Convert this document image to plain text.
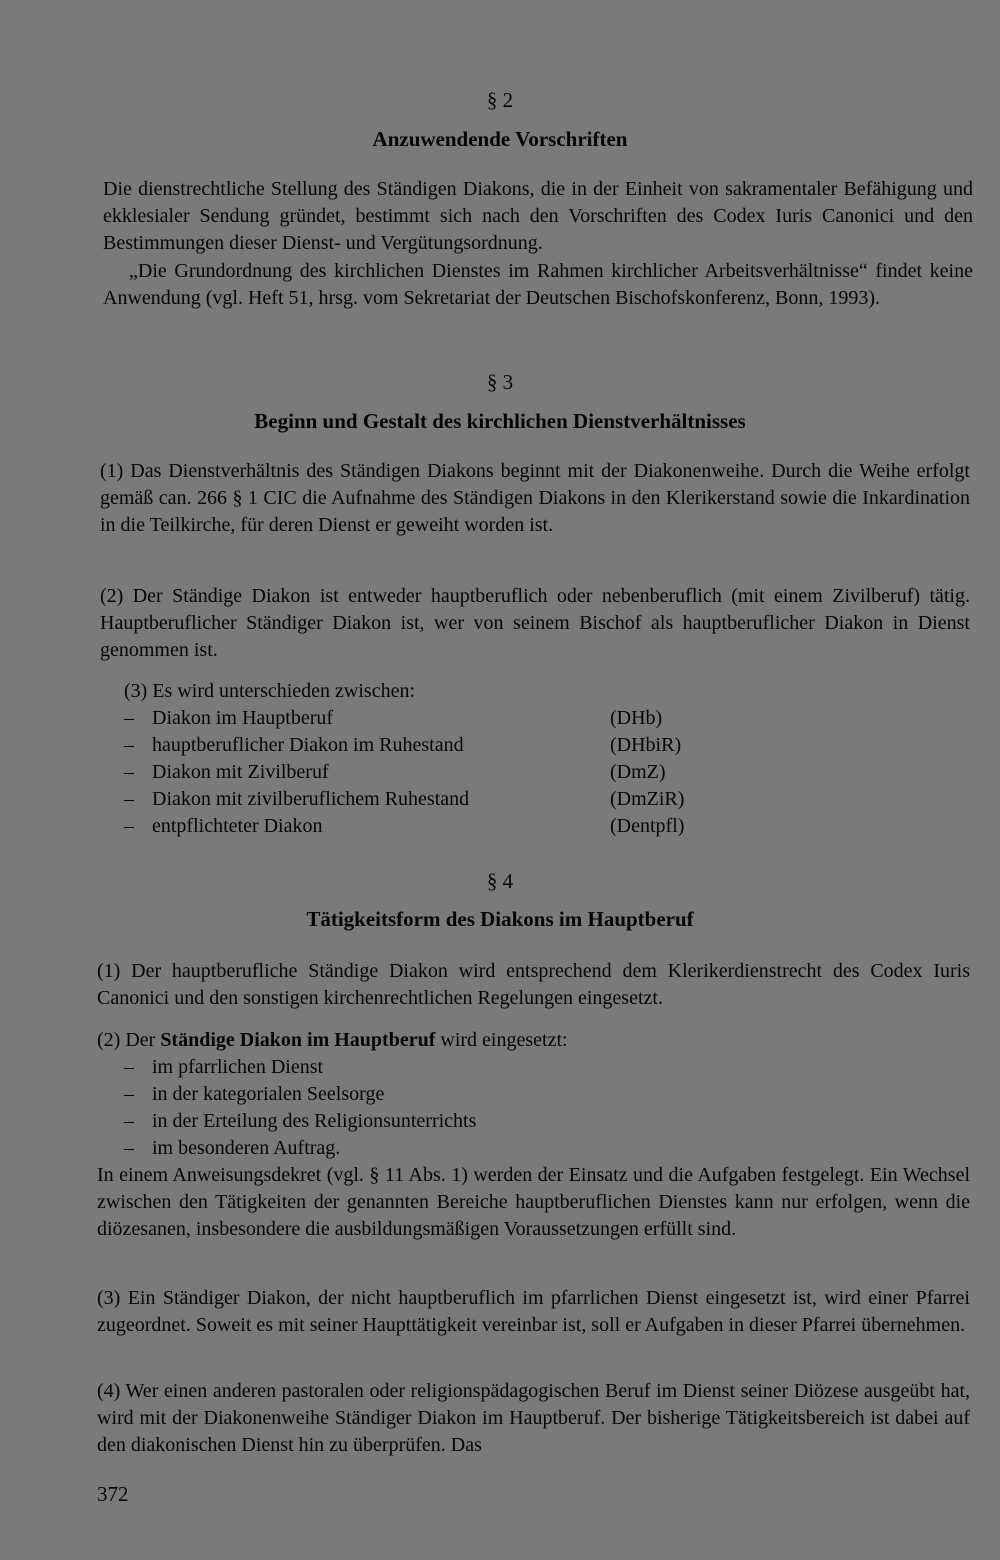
§ 2
Anzuwendende Vorschriften

Die dienstrechtliche Stellung des Ständigen Diakons, die in der Einheit von sakramentaler Befähigung und ekklesialer Sendung gründet, bestimmt sich nach den Vorschriften des Codex Iuris Canonici und den Bestimmungen dieser Dienst- und Vergütungsordnung.

„Die Grundordnung des kirchlichen Dienstes im Rahmen kirchlicher Arbeitsverhältnisse“ findet keine Anwendung (vgl. Heft 51, hrsg. vom Sekretariat der Deutschen Bischofskonferenz, Bonn, 1993).

§ 3
Beginn und Gestalt des kirchlichen Dienstverhältnisses
(1) Das Dienstverhältnis des Ständigen Diakons beginnt mit der Diakonenweihe. Durch die Weihe erfolgt gemäß can. 266 § 1 CIC die Aufnahme des Ständigen Diakons in den Klerikerstand sowie die Inkardination in die Teilkirche, für deren Dienst er geweiht worden ist.
(2) Der Ständige Diakon ist entweder hauptberuflich oder nebenberuflich (mit einem Zivilberuf) tätig. Hauptberuflicher Ständiger Diakon ist, wer von seinem Bischof als hauptberuflicher Diakon in Dienst genommen ist.
(3) Es wird unterschieden zwischen:
– Diakon im Hauptberuf	(DHb)
– hauptberuflicher Diakon im Ruhestand	(DHbiR)
– Diakon mit Zivilberuf	(DmZ)
– Diakon mit zivilberuflichem Ruhestand	(DmZiR)
– entpflichteter Diakon	(Dentpfl)
§ 4
Tätigkeitsform des Diakons im Hauptberuf
(1) Der hauptberufliche Ständige Diakon wird entsprechend dem Klerikerdienstrecht des Codex Iuris Canonici und den sonstigen kirchenrechtlichen Regelungen eingesetzt.
(2) Der Ständige Diakon im Hauptberuf wird eingesetzt:
– im pfarrlichen Dienst
– in der kategorialen Seelsorge
– in der Erteilung des Religionsunterrichts
– im besonderen Auftrag.
In einem Anweisungsdekret (vgl. § 11 Abs. 1) werden der Einsatz und die Aufgaben festgelegt. Ein Wechsel zwischen den Tätigkeiten der genannten Bereiche hauptberuflichen Dienstes kann nur erfolgen, wenn die diözesanen, insbesondere die ausbildungsmäßigen Voraussetzungen erfüllt sind.
(3) Ein Ständiger Diakon, der nicht hauptberuflich im pfarrlichen Dienst eingesetzt ist, wird einer Pfarrei zugeordnet. Soweit es mit seiner Haupttätigkeit vereinbar ist, soll er Aufgaben in dieser Pfarrei übernehmen.
(4) Wer einen anderen pastoralen oder religionspädagogischen Beruf im Dienst seiner Diözese ausgeübt hat, wird mit der Diakonenweihe Ständiger Diakon im Hauptberuf. Der bisherige Tätigkeitsbereich ist dabei auf den diakonischen Dienst hin zu überprüfen. Das
372
